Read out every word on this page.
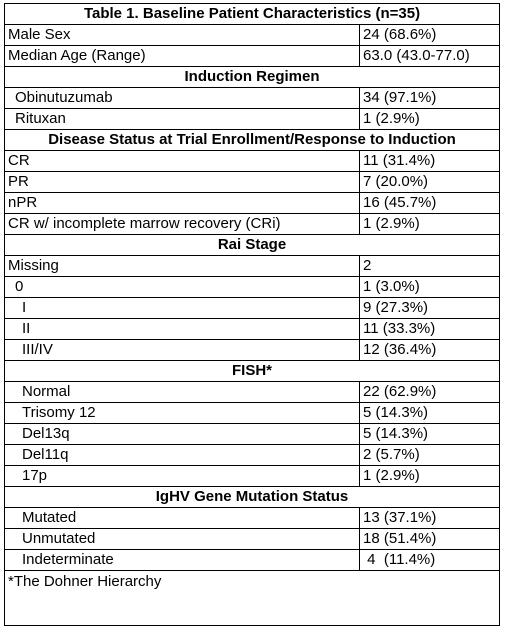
Table 1. Baseline Patient Characteristics (n=35)	
Male Sex	24 (68.6%)
Median Age (Range)	63.0 (43.0-77.0)
Induction Regimen	
Obinutuzumab	34 (97.1%)
Rituxan	1 (2.9%)
Disease Status at Trial Enrollment/Response to Induction	
CR	11 (31.4%)
PR	7 (20.0%)
nPR	16 (45.7%)
CR w/ incomplete marrow recovery (CRi)	1 (2.9%)
Rai Stage	
Missing	2
0	1 (3.0%)
I	9 (27.3%)
II	11 (33.3%)
III/IV	12 (36.4%)
FISH*	
Normal	22 (62.9%)
Trisomy 12	5 (14.3%)
Del13q	5 (14.3%)
Del11q	2 (5.7%)
17p	1 (2.9%)
IgHV Gene Mutation Status	
Mutated	13 (37.1%)
Unmutated	18 (51.4%)
Indeterminate	4  (11.4%)
*The Dohner Hierarchy	
